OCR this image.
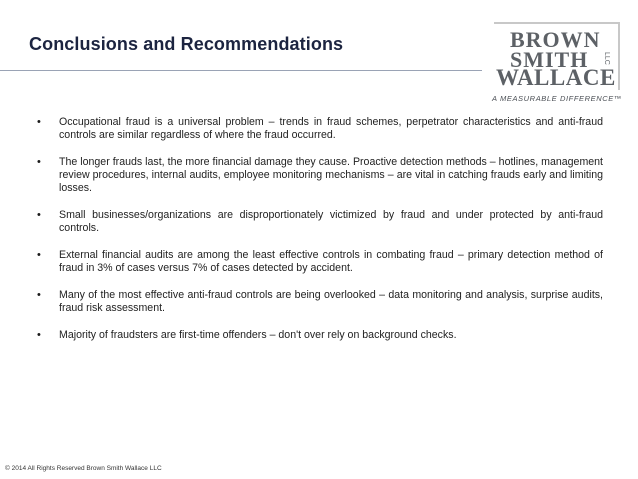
Conclusions and Recommendations	BROWN
SMITH
WALLACE
LLC
A MEASURABLE DIFFERENCE™
• Occupational fraud is a universal problem – trends in fraud schemes, perpetrator characteristics and anti-fraud controls are similar regardless of where the fraud occurred.
• The longer frauds last, the more financial damage they cause. Proactive detection methods – hotlines, management review procedures, internal audits, employee monitoring mechanisms – are vital in catching frauds early and limiting losses.
• Small businesses/organizations are disproportionately victimized by fraud and under protected by anti-fraud controls.
• External financial audits are among the least effective controls in combating fraud – primary detection method of fraud in 3% of cases versus 7% of cases detected by accident.
• Many of the most effective anti-fraud controls are being overlooked – data monitoring and analysis, surprise audits, fraud risk assessment.
• Majority of fraudsters are first-time offenders – don't over rely on background checks.
© 2014 All Rights Reserved Brown Smith Wallace LLC
